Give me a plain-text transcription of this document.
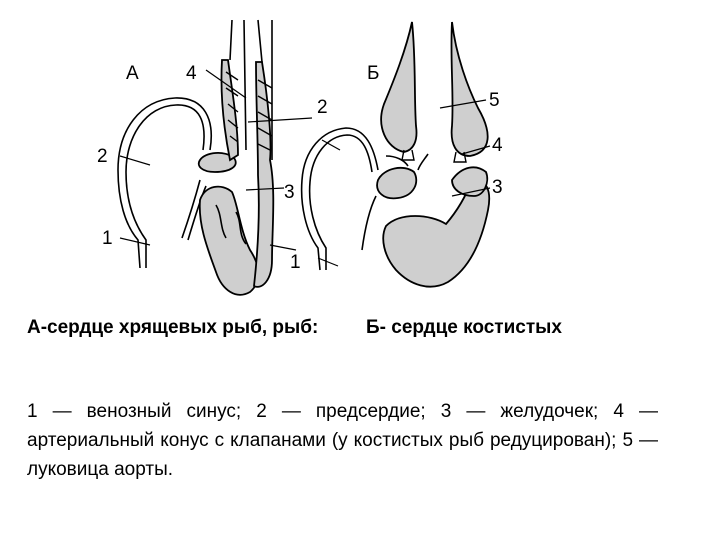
А 4
2
2
3
1
1
Б
5
4
3
А-сердце хрящевых рыб, рыб:	Б- сердце костистых
1 — венозный синус; 2 — предсердие; 3 — желудочек; 4 — артериальный конус с клапанами (у костистых рыб редуцирован); 5 — луковица аорты.
